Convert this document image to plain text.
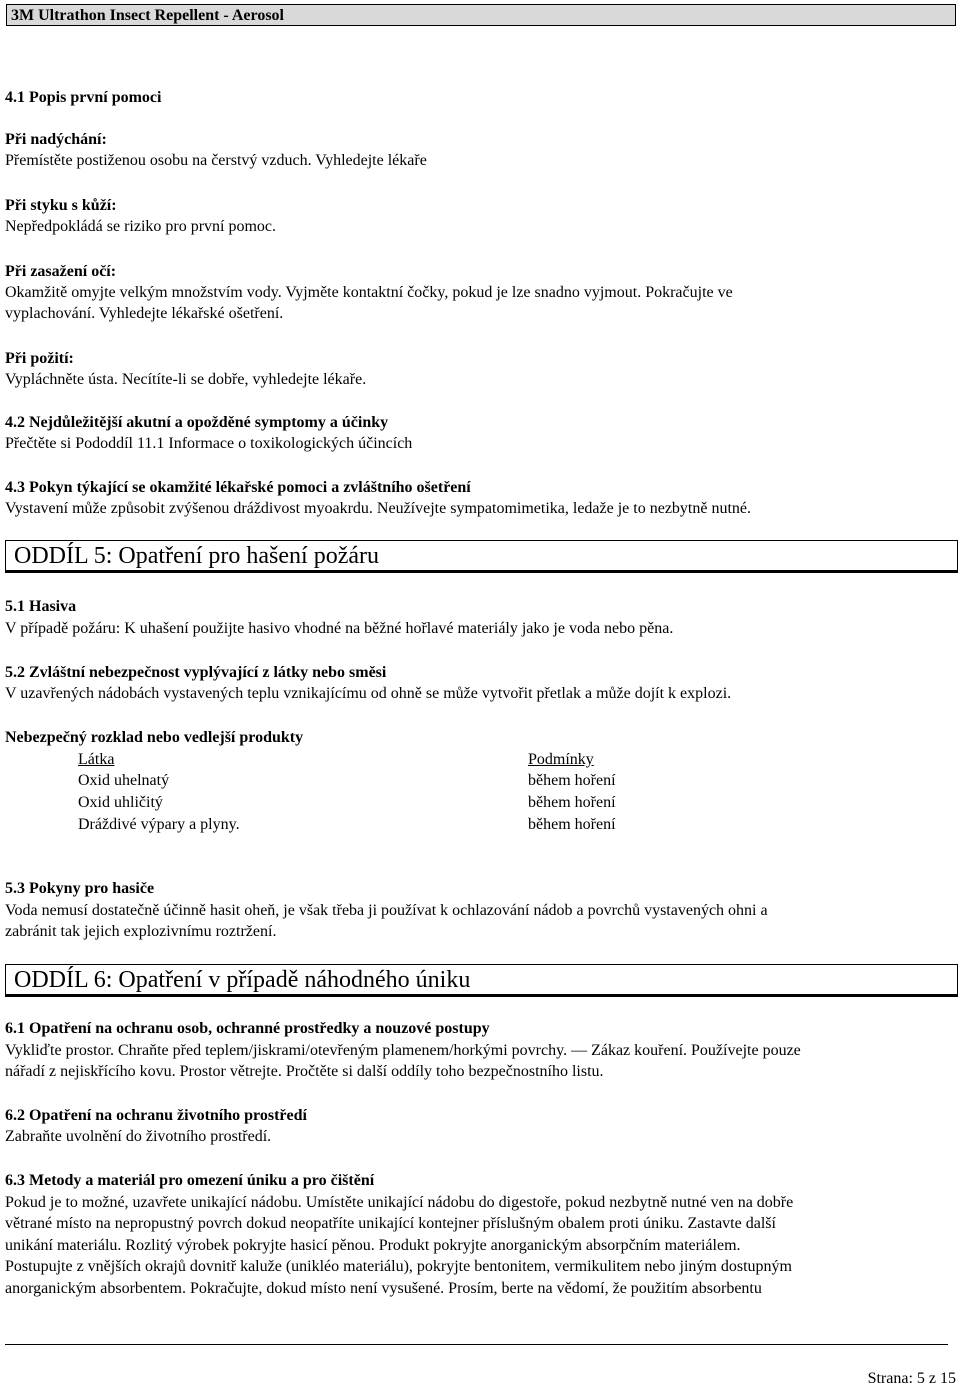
3M Ultrathon Insect Repellent - Aerosol
4.1 Popis první pomoci
Při nadýchání:
Přemístěte postiženou osobu na čerstvý vzduch. Vyhledejte lékaře
Při styku s kůží:
Nepředpokládá se riziko pro první pomoc.
Při zasažení očí:
Okamžitě omyjte velkým množstvím vody. Vyjměte kontaktní čočky, pokud je lze snadno vyjmout. Pokračujte ve
vyplachování. Vyhledejte lékařské ošetření.
Při požití:
Vypláchněte ústa. Necítíte-li se dobře, vyhledejte lékaře.
4.2 Nejdůležitější akutní a opožděné symptomy a účinky
Přečtěte si Pododdíl 11.1 Informace o toxikologických účincích
4.3 Pokyn týkající se okamžité lékařské pomoci a zvláštního ošetření
Vystavení může způsobit zvýšenou dráždivost myoakrdu. Neužívejte sympatomimetika, ledaže je to nezbytně nutné.
ODDÍL 5: Opatření pro hašení požáru
5.1 Hasiva
V případě požáru: K uhašení použijte hasivo vhodné na běžné hořlavé materiály jako je voda nebo pěna.
5.2 Zvláštní nebezpečnost vyplývající z látky nebo směsi
V uzavřených nádobách vystavených teplu vznikajícímu od ohně se může vytvořit přetlak a může dojít k explozi.
Nebezpečný rozklad nebo vedlejší produkty
Látka	Podmínky
Oxid uhelnatý	během hoření
Oxid uhličitý	během hoření
Dráždivé výpary a plyny.	během hoření
5.3 Pokyny pro hasiče
Voda nemusí dostatečně účinně hasit oheň, je však třeba ji používat k ochlazování nádob a povrchů vystavených ohni a
zabránit tak jejich explozivnímu roztržení.
ODDÍL 6: Opatření v případě náhodného úniku
6.1 Opatření na ochranu osob, ochranné prostředky a nouzové postupy
Vykliďte prostor. Chraňte před teplem/jiskrami/otevřeným plamenem/horkými povrchy. — Zákaz kouření. Používejte pouze
nářadí z nejiskřícího kovu. Prostor větrejte. Pročtěte si další oddíly toho bezpečnostního listu.
6.2 Opatření na ochranu životního prostředí
Zabraňte uvolnění do životního prostředí.
6.3 Metody a materiál pro omezení úniku a pro čištění
Pokud je to možné, uzavřete unikající nádobu. Umístěte unikající nádobu do digestoře, pokud nezbytně nutné ven na dobře
větrané místo na nepropustný povrch dokud neopatříte unikající kontejner příslušným obalem proti úniku. Zastavte další
unikání materiálu. Rozlitý výrobek pokryjte hasicí pěnou. Produkt pokryjte anorganickým absorpčním materiálem.
Postupujte z vnějších okrajů dovnitř kaluže (unikléo materiálu), pokryjte bentonitem, vermikulitem nebo jiným dostupným
anorganickým absorbentem. Pokračujte, dokud místo není vysušené. Prosím, berte na vědomí, že použitím absorbentu
Strana: 5 z 15
